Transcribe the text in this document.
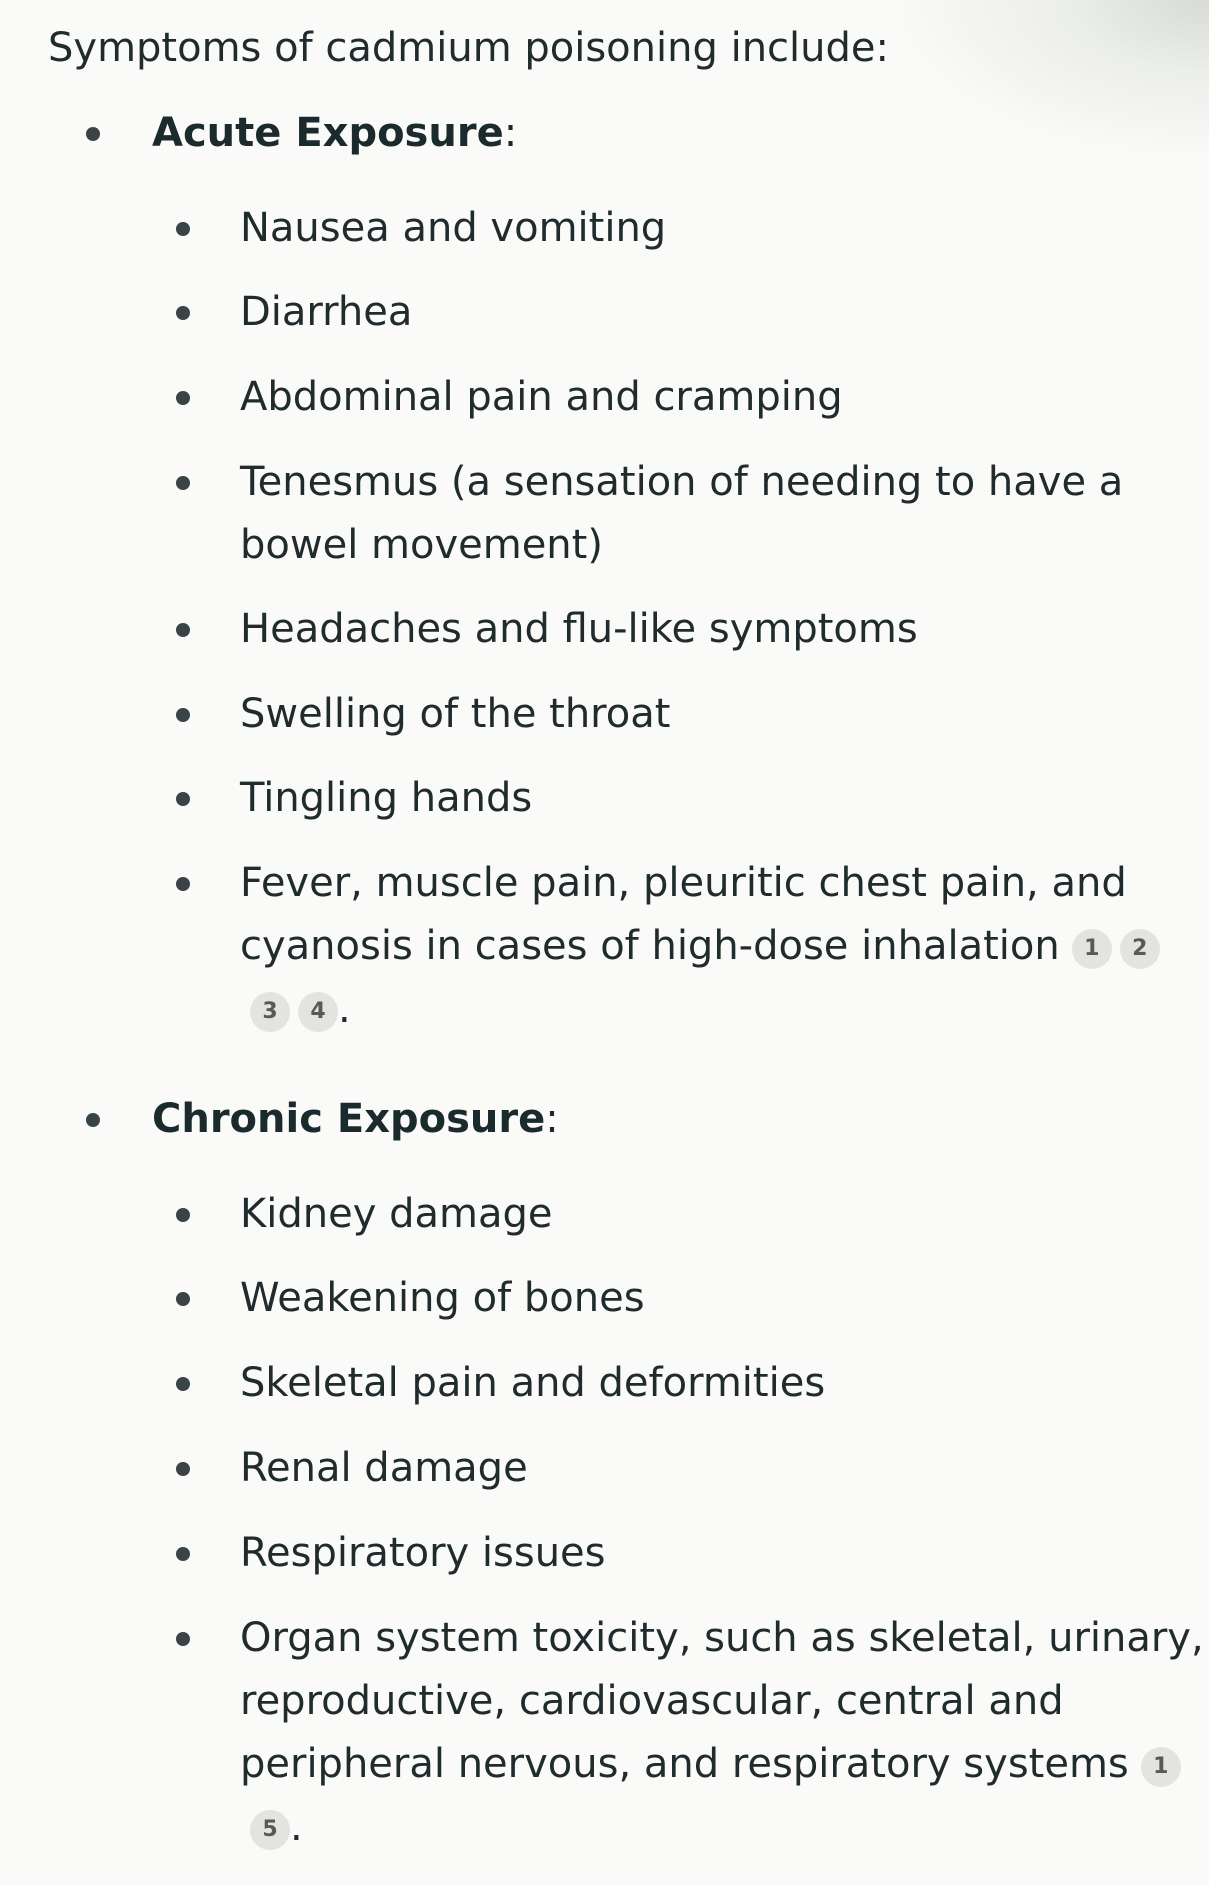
Symptoms of cadmium poisoning include:
Acute Exposure:
Nausea and vomiting
Diarrhea
Abdominal pain and cramping
Tenesmus (a sensation of needing to have a bowel movement)
Headaches and flu-like symptoms
Swelling of the throat
Tingling hands
Fever, muscle pain, pleuritic chest pain, and cyanosis in cases of high-dose inhalation 1 2 3 4 .
Chronic Exposure:
Kidney damage
Weakening of bones
Skeletal pain and deformities
Renal damage
Respiratory issues
Organ system toxicity, such as skeletal, urinary, reproductive, cardiovascular, central and peripheral nervous, and respiratory systems 1 5 .
